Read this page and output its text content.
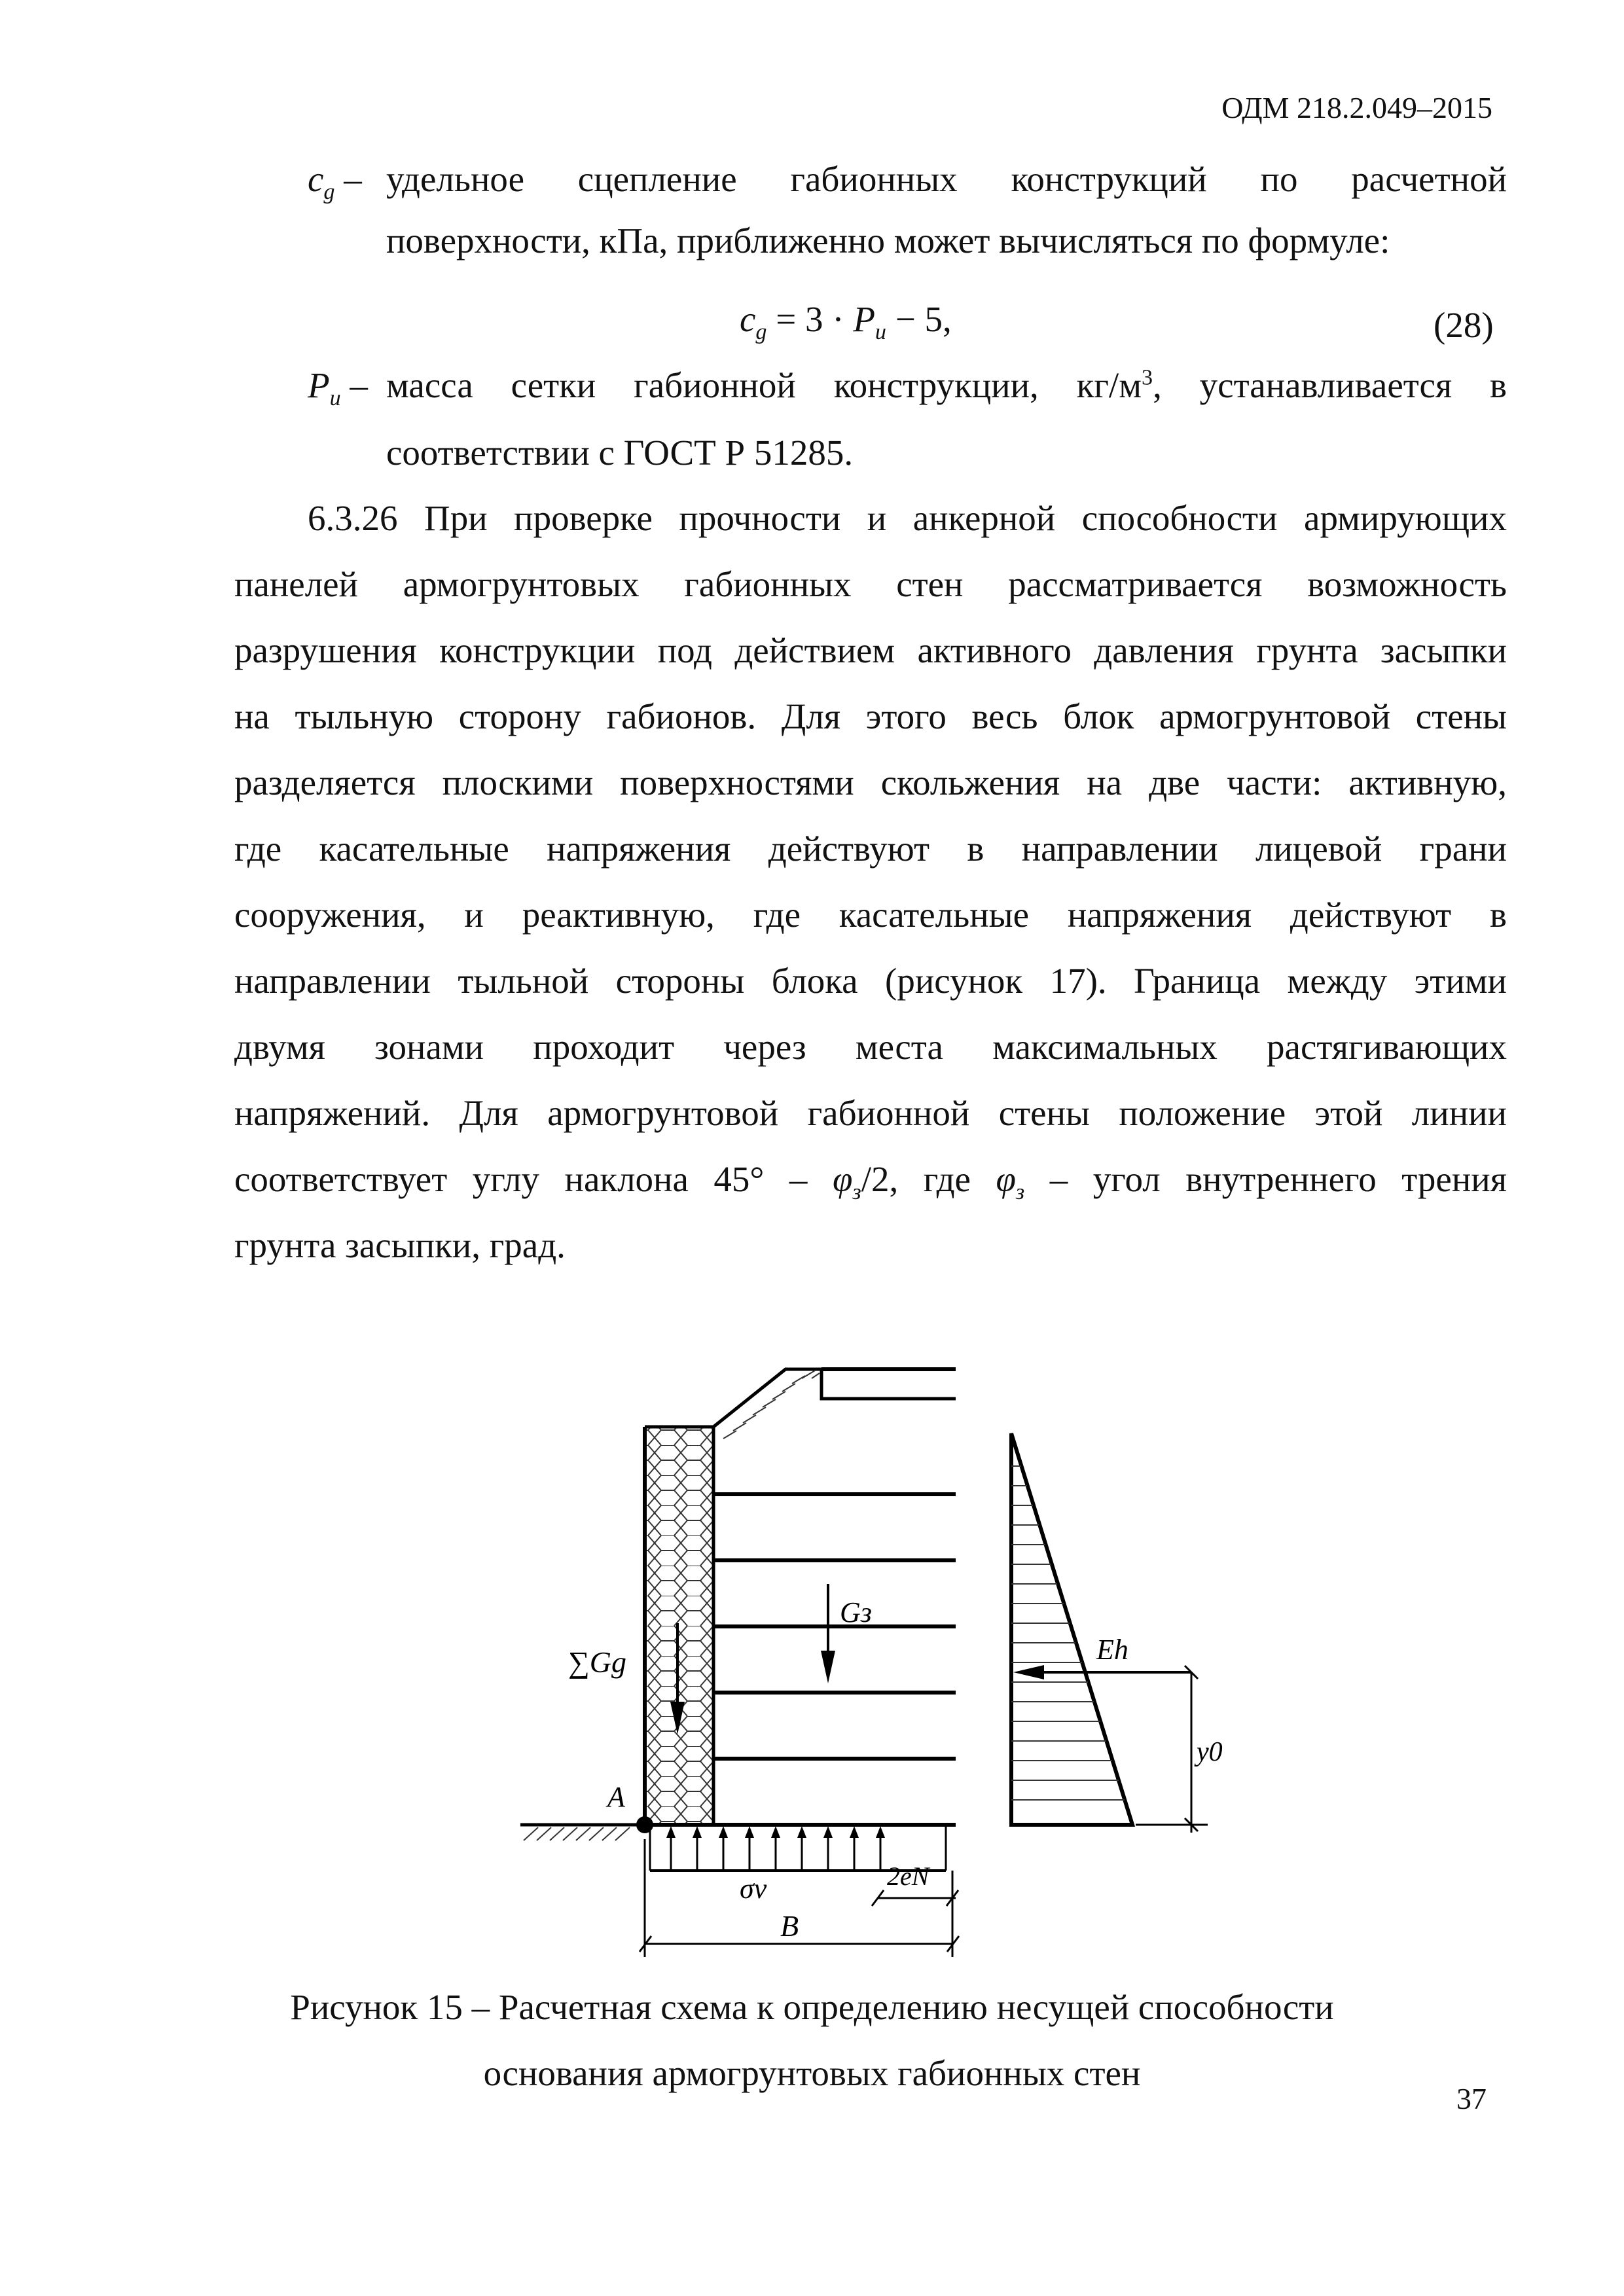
ОДМ 218.2.049–2015
$c_g$ – удельное сцепление габионных конструкций по расчетной
поверхности, кПа, приближенно может вычисляться по формуле:
$c_g = 3 \cdot P_u - 5$,	(28)
$P_и$ – масса сетки габионной конструкции, $кг/м^3$, устанавливается в
соответствии с ГОСТ Р 51285.
6.3.26 При проверке прочности и анкерной способности армирующих
панелей армогрунтовых габионных стен рассматривается возможность
разрушения конструкции под действием активного давления грунта засыпки
на тыльную сторону габионов. Для этого весь блок армогрунтовой стены
разделяется плоскими поверхностями скольжения на две части: активную,
где касательные напряжения действуют в направлении лицевой грани
сооружения, и реактивную, где касательные напряжения действуют в
направлении тыльной стороны блока (рисунок 17). Граница между этими
двумя зонами проходит через места максимальных растягивающих
напряжений. Для армогрунтовой габионной стены положение этой линии
соответствует углу наклона $45^\circ - \varphi_з/2$, где $\varphi_з$ – угол внутреннего трения
грунта засыпки, град.
A
∑Gg
Gз
σv	2eN
B
Eh
y0
Рисунок 15 – Расчетная схема к определению несущей способности
основания армогрунтовых габионных стен
37
